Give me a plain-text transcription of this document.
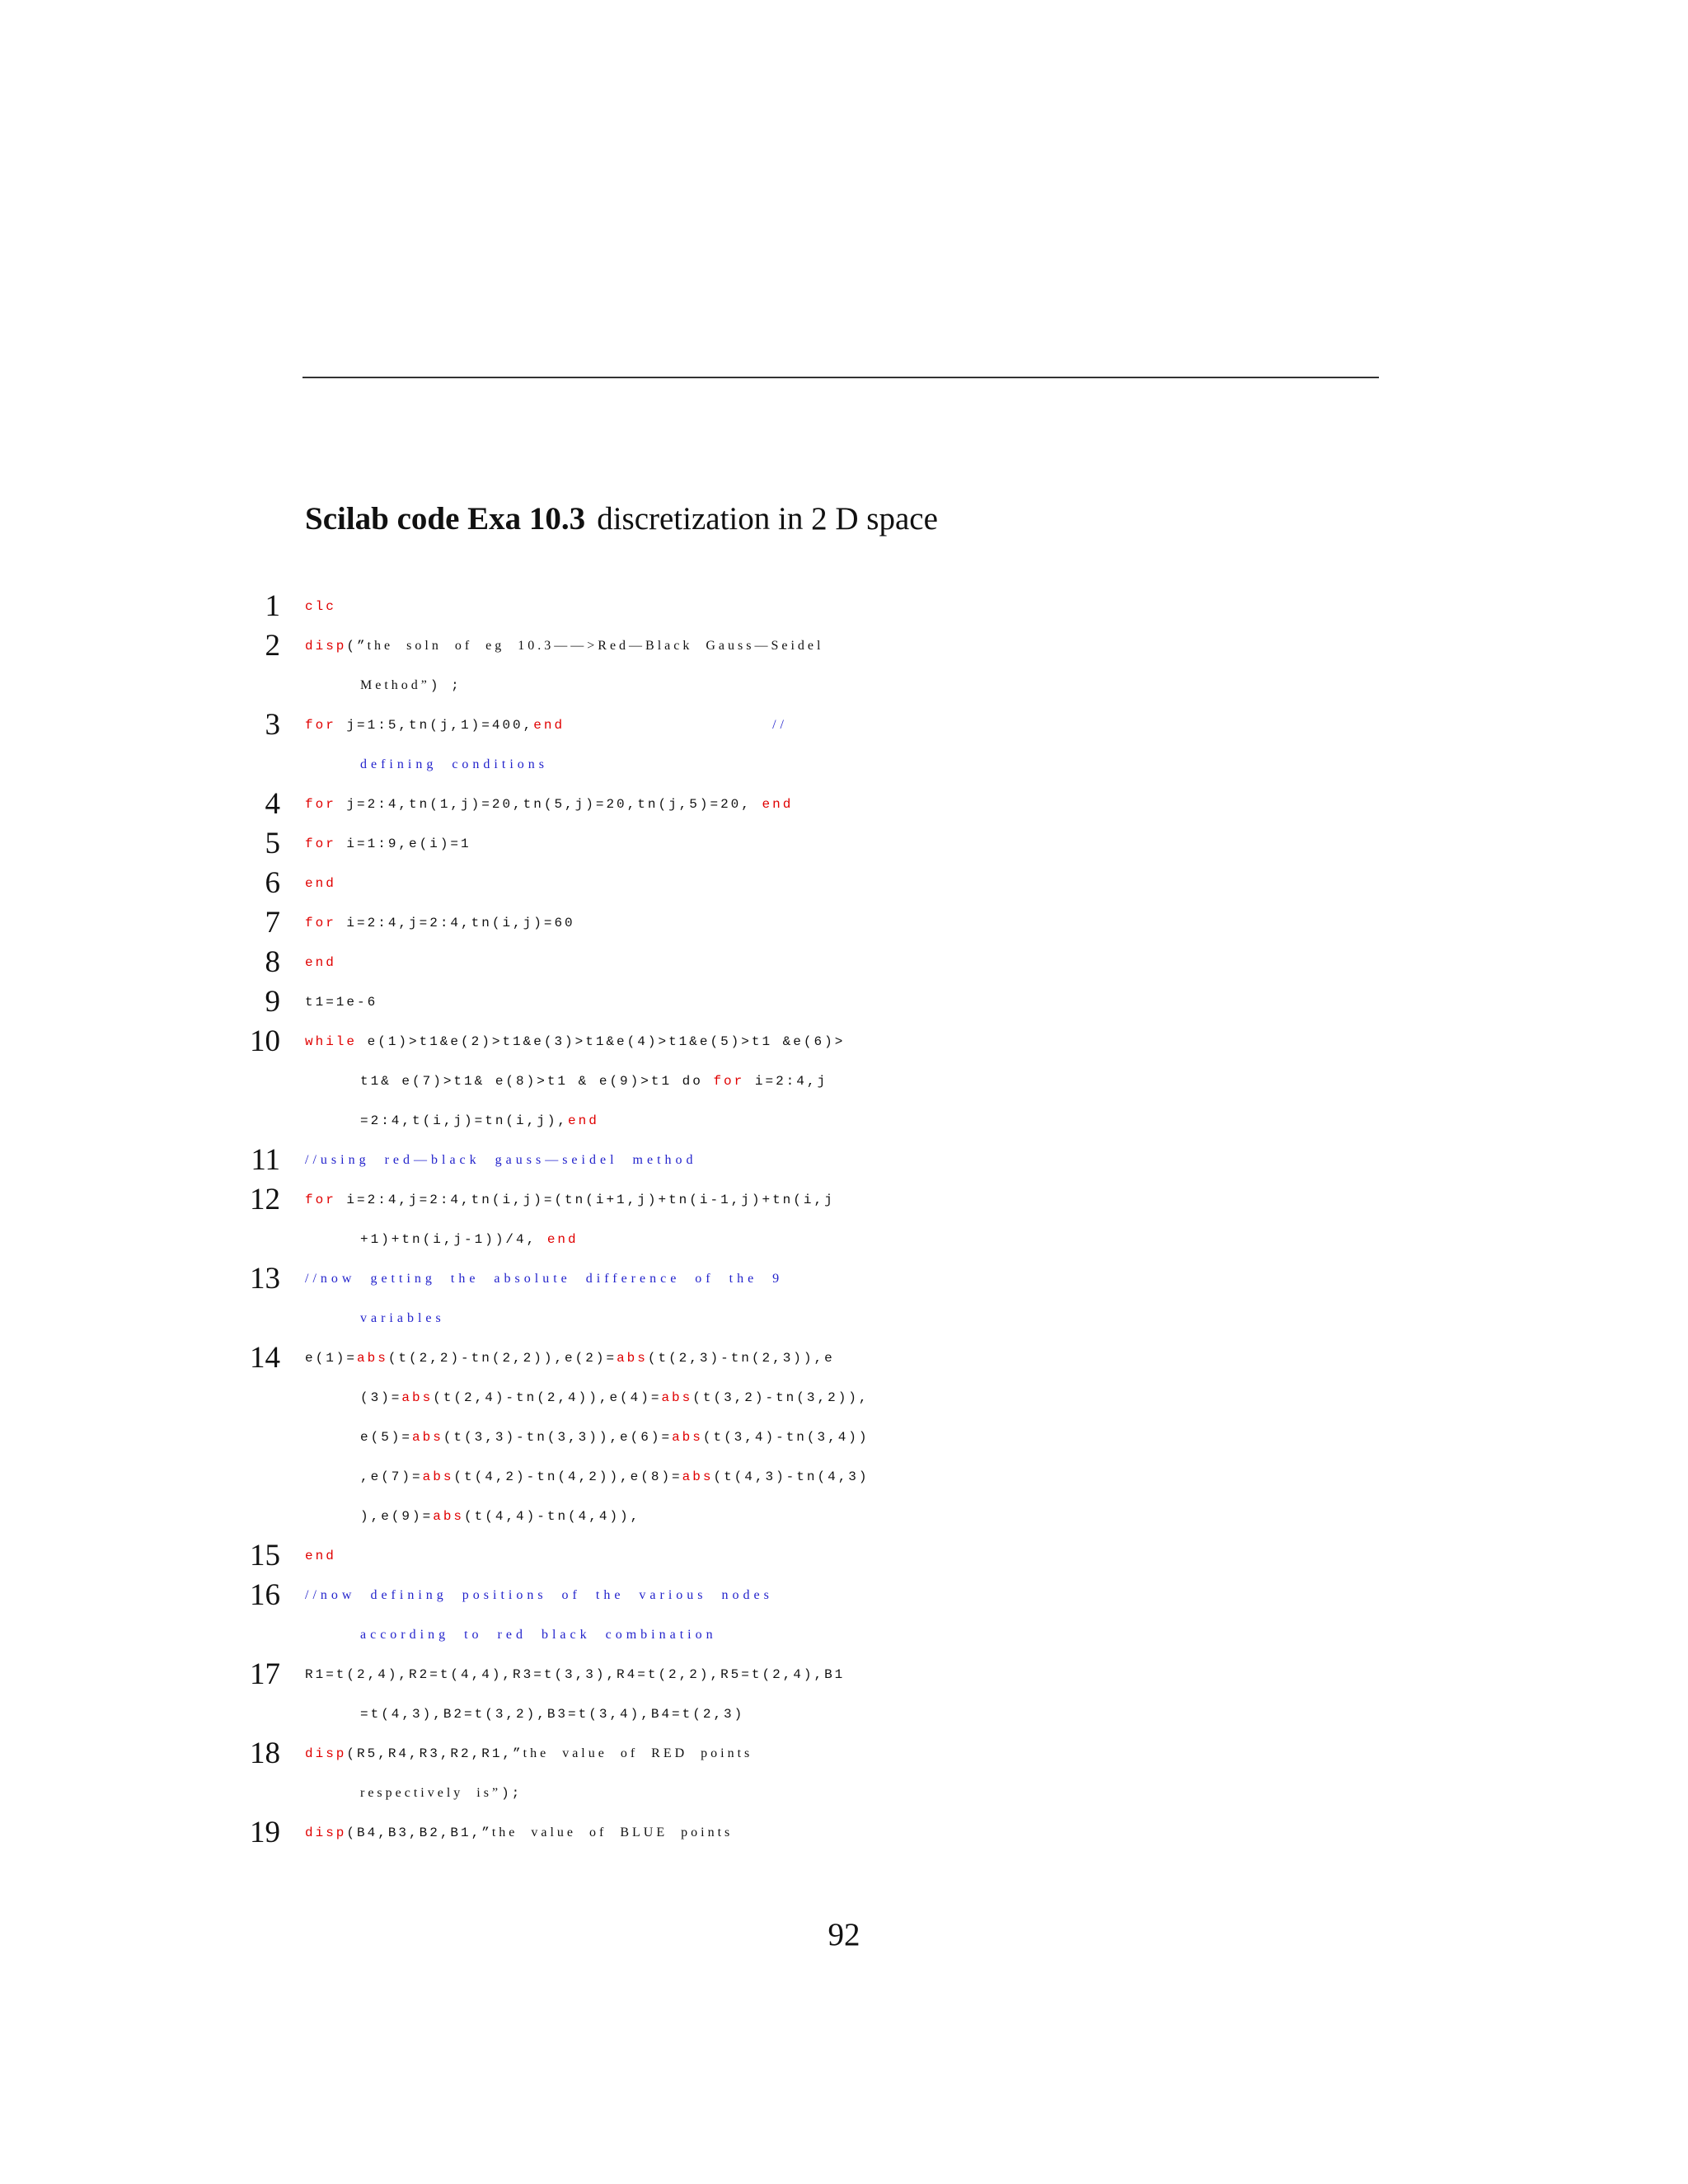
Scilab code Exa 10.3 discretization in 2 D space
1 clc
2 disp(”the  soln  of  eg  10.3——>Red—Black  Gauss—Seidel
Method”) ;
3 for j=1:5,tn(j,1)=400,end	//
defining  conditions
4 for j=2:4,tn(1,j)=20,tn(5,j)=20,tn(j,5)=20, end
5 for i=1:9,e(i)=1
6 end
7 for i=2:4,j=2:4,tn(i,j)=60
8 end
9 t1=1e-6
10 while e(1)>t1&e(2)>t1&e(3)>t1&e(4)>t1&e(5)>t1 &e(6)>
t1& e(7)>t1& e(8)>t1 & e(9)>t1 do for i=2:4,j
=2:4,t(i,j)=tn(i,j),end
11 //using  red—black  gauss—seidel  method
12 for i=2:4,j=2:4,tn(i,j)=(tn(i+1,j)+tn(i-1,j)+tn(i,j
+1)+tn(i,j-1))/4, end
13 //now  getting  the  absolute  difference  of  the  9
variables
14 e(1)=abs(t(2,2)-tn(2,2)),e(2)=abs(t(2,3)-tn(2,3)),e
(3)=abs(t(2,4)-tn(2,4)),e(4)=abs(t(3,2)-tn(3,2)),
e(5)=abs(t(3,3)-tn(3,3)),e(6)=abs(t(3,4)-tn(3,4))
,e(7)=abs(t(4,2)-tn(4,2)),e(8)=abs(t(4,3)-tn(4,3)
),e(9)=abs(t(4,4)-tn(4,4)),
15 end
16 //now  defining  positions  of  the  various  nodes
according  to  red  black  combination
17 R1=t(2,4),R2=t(4,4),R3=t(3,3),R4=t(2,2),R5=t(2,4),B1
=t(4,3),B2=t(3,2),B3=t(3,4),B4=t(2,3)
18 disp(R5,R4,R3,R2,R1,”the  value  of  RED  points
respectively  is”);
19 disp(B4,B3,B2,B1,”the  value  of  BLUE  points
92
